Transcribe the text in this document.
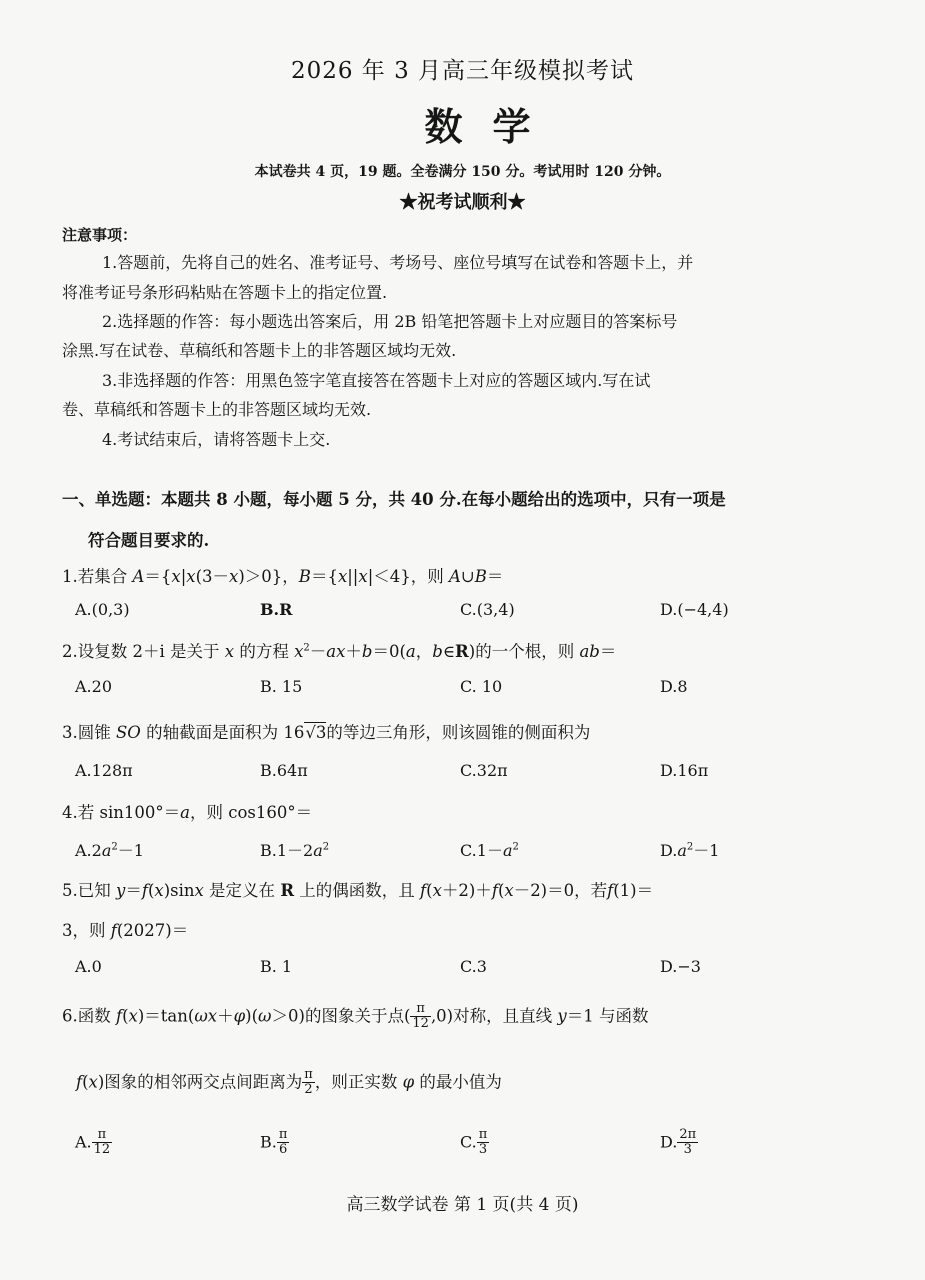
2026 年 3 月高三年级模拟考试
数学
本试卷共 4 页，19 题。全卷满分 150 分。考试用时 120 分钟。
★祝考试顺利★
注意事项：
1.答题前，先将自己的姓名、准考证号、考场号、座位号填写在试卷和答题卡上，并
将准考证号条形码粘贴在答题卡上的指定位置.
2.选择题的作答：每小题选出答案后，用 2B 铅笔把答题卡上对应题目的答案标号
涂黑.写在试卷、草稿纸和答题卡上的非答题区域均无效.
3.非选择题的作答：用黑色签字笔直接答在答题卡上对应的答题区域内.写在试
卷、草稿纸和答题卡上的非答题区域均无效.
4.考试结束后，请将答题卡上交.
一、单选题：本题共 8 小题，每小题 5 分，共 40 分.在每小题给出的选项中，只有一项是
符合题目要求的.
1.若集合 A＝{x|x(3－x)＞0}，B＝{x||x|＜4}，则 A∪B＝
A.(0,3)	B.R	C.(3,4)	D.(−4,4)
2.设复数 2＋i 是关于 x 的方程 $x^2-ax+b=0(a$，b∈R)的一个根，则 ab＝
A.20	B. 15	C. 10	D.8
3.圆锥 SO 的轴截面是面积为 16√3的等边三角形，则该圆锥的侧面积为
A.128π	B.64π	C.32π	D.16π
4.若 sin100°＝a，则 cos160°＝
$A.2a^2-1$	$B.1-2a^2$	$C.1-a^2$	$D.a^2-1$
5.已知 y＝f(x)sinx 是定义在 R 上的偶函数，且 f(x＋2)＋f(x－2)＝0，若f(1)＝
3，则 f(2027)＝
A.0	B. 1	C.3	D.−3
6.函数 f(x)＝tan(ωx＋φ)(ω＞0)的图象关于点( $\frac{\pi}{12} ,0$)对称，且直线 y＝1 与函数
f(x)图象的相邻两交点间距离为 $\frac{\pi}{2}$ ，则正实数 φ 的最小值为
A. $\frac{\pi}{12}$	B. $\frac{\pi}{6}$	C. $\frac{\pi}{3}$	D. $\frac{2\pi}{3}$
高三数学试卷 第 1 页(共 4 页)
